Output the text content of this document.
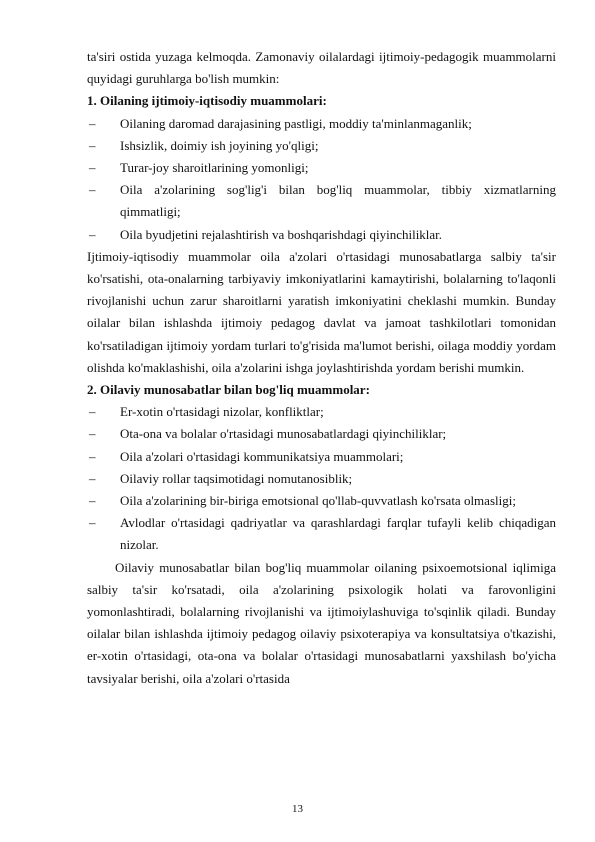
ta'siri ostida yuzaga kelmoqda. Zamonaviy oilalardagi ijtimoiy-pedagogik muammolarni quyidagi guruhlarga bo'lish mumkin:

1. Oilaning ijtimoiy-iqtisodiy muammolari:

– Oilaning daromad darajasining pastligi, moddiy ta'minlanmaganlik;
– Ishsizlik, doimiy ish joyining yo'qligi;
– Turar-joy sharoitlarining yomonligi;
– Oila a'zolarining sog'lig'i bilan bog'liq muammolar, tibbiy xizmatlarning qimmatligi;
– Oila byudjetini rejalashtirish va boshqarishdagi qiyinchiliklar.

Ijtimoiy-iqtisodiy muammolar oila a'zolari o'rtasidagi munosabatlarga salbiy ta'sir ko'rsatishi, ota-onalarning tarbiyaviy imkoniyatlarini kamaytirishi, bolalarning to'laqonli rivojlanishi uchun zarur sharoitlarni yaratish imkoniyatini cheklashi mumkin. Bunday oilalar bilan ishlashda ijtimoiy pedagog davlat va jamoat tashkilotlari tomonidan ko'rsatiladigan ijtimoiy yordam turlari to'g'risida ma'lumot berishi, oilaga moddiy yordam olishda ko'maklashishi, oila a'zolarini ishga joylashtirishda yordam berishi mumkin.

2. Oilaviy munosabatlar bilan bog'liq muammolar:

– Er-xotin o'rtasidagi nizolar, konfliktlar;
– Ota-ona va bolalar o'rtasidagi munosabatlardagi qiyinchiliklar;
– Oila a'zolari o'rtasidagi kommunikatsiya muammolari;
– Oilaviy rollar taqsimotidagi nomutanosiblik;
– Oila a'zolarining bir-biriga emotsional qo'llab-quvvatlash ko'rsata olmasligi;
– Avlodlar o'rtasidagi qadriyatlar va qarashlardagi farqlar tufayli kelib chiqadigan nizolar.

Oilaviy munosabatlar bilan bog'liq muammolar oilaning psixoemotsional iqlimiga salbiy ta'sir ko'rsatadi, oila a'zolarining psixologik holati va farovonligini yomonlashtiradi, bolalarning rivojlanishi va ijtimoiylashuviga to'sqinlik qiladi. Bunday oilalar bilan ishlashda ijtimoiy pedagog oilaviy psixoterapiya va konsultatsiya o'tkazishi, er-xotin o'rtasidagi, ota-ona va bolalar o'rtasidagi munosabatlarni yaxshilash bo'yicha tavsiyalar berishi, oila a'zolari o'rtasida

13
